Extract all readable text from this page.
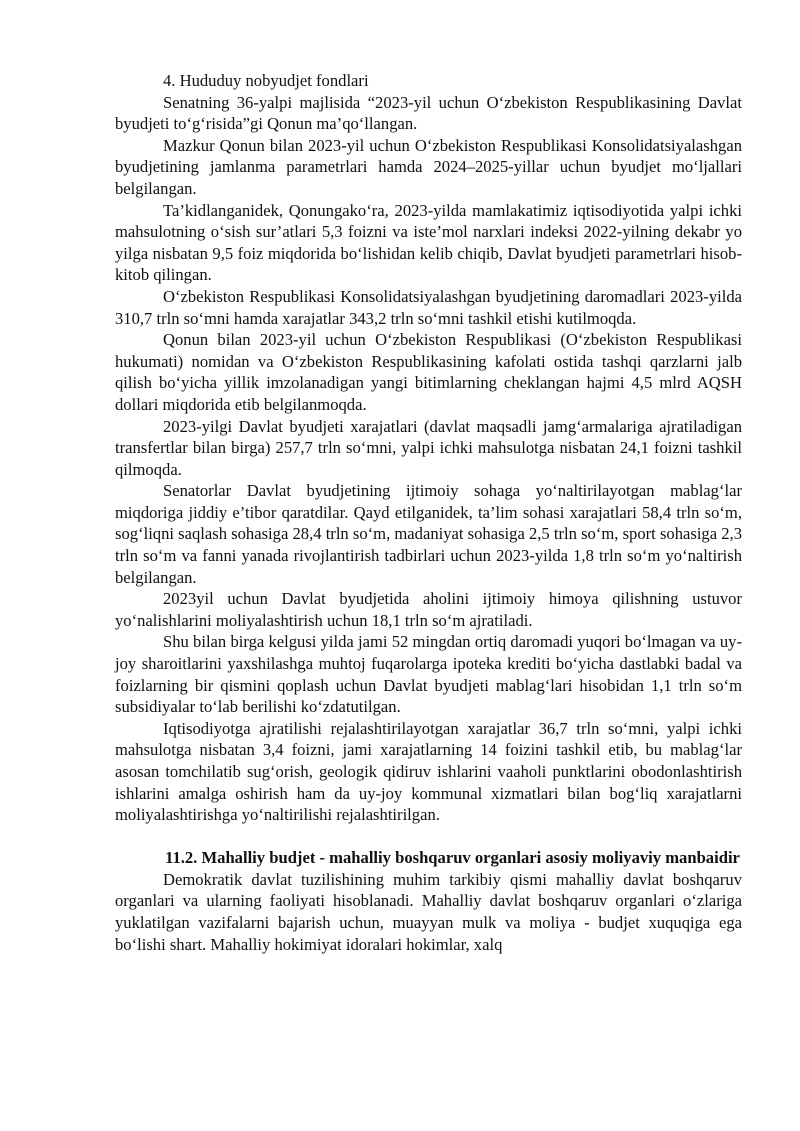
4. Hududuy nobyudjet fondlari

Senatning 36-yalpi majlisida “2023-yil uchun O‘zbekiston Respublikasining Davlat byudjeti to‘g‘risida”gi Qonun ma’qo‘llangan.

Mazkur Qonun bilan 2023-yil uchun O‘zbekiston Respublikasi Konsolidatsiyalashgan byudjetining jamlanma parametrlari hamda 2024–2025-yillar uchun byudjet mo‘ljallari belgilangan.

Ta’kidlanganidek, Qonungako‘ra, 2023-yilda mamlakatimiz iqtisodiyotida yalpi ichki mahsulotning o‘sish sur’atlari 5,3 foizni va iste’mol narxlari indeksi 2022-yilning dekabr yo yilga nisbatan 9,5 foiz miqdorida bo‘lishidan kelib chiqib, Davlat byudjeti parametrlari hisob-kitob qilingan.

O‘zbekiston Respublikasi Konsolidatsiyalashgan byudjetining daromadlari 2023-yilda 310,7 trln so‘mni hamda xarajatlar 343,2 trln so‘mni tashkil etishi kutilmoqda.

Qonun bilan 2023-yil uchun O‘zbekiston Respublikasi (O‘zbekiston Respublikasi hukumati) nomidan va O‘zbekiston Respublikasining kafolati ostida tashqi qarzlarni jalb qilish bo‘yicha yillik imzolanadigan yangi bitimlarning cheklangan hajmi 4,5 mlrd AQSH dollari miqdorida etib belgilanmoqda.

2023-yilgi Davlat byudjeti xarajatlari (davlat maqsadli jamg‘armalariga ajratiladigan transfertlar bilan birga) 257,7 trln so‘mni, yalpi ichki mahsulotga nisbatan 24,1 foizni tashkil qilmoqda.

Senatorlar Davlat byudjetining ijtimoiy sohaga yo‘naltirilayotgan mablag‘lar miqdoriga jiddiy e’tibor qaratdilar. Qayd etilganidek, ta’lim sohasi xarajatlari 58,4 trln so‘m, sog‘liqni saqlash sohasiga 28,4 trln so‘m, madaniyat sohasiga 2,5 trln so‘m, sport sohasiga 2,3 trln so‘m va fanni yanada rivojlantirish tadbirlari uchun 2023-yilda 1,8 trln so‘m yo‘naltirish belgilangan.

2023yil uchun Davlat byudjetida aholini ijtimoiy himoya qilishning ustuvor yo‘nalishlarini moliyalashtirish uchun 18,1 trln so‘m ajratiladi.

Shu bilan birga kelgusi yilda jami 52 mingdan ortiq daromadi yuqori bo‘lmagan va uy-joy sharoitlarini yaxshilashga muhtoj fuqarolarga ipoteka krediti bo‘yicha dastlabki badal va foizlarning bir qismini qoplash uchun Davlat byudjeti mablag‘lari hisobidan 1,1 trln so‘m subsidiyalar to‘lab berilishi ko‘zdatutilgan.

Iqtisodiyotga ajratilishi rejalashtirilayotgan xarajatlar 36,7 trln so‘mni, yalpi ichki mahsulotga nisbatan 3,4 foizni, jami xarajatlarning 14 foizini tashkil etib, bu mablag‘lar asosan tomchilatib sug‘orish, geologik qidiruv ishlarini vaaholi punktlarini obodonlashtirish ishlarini amalga oshirish ham da uy-joy kommunal xizmatlari bilan bog‘liq xarajatlarni moliyalashtirishga yo‘naltirilishi rejalashtirilgan.

11.2. Mahalliy budjet - mahalliy boshqaruv organlari asosiy moliyaviy manbaidir

Demokratik davlat tuzilishining muhim tarkibiy qismi mahalliy davlat boshqaruv organlari va ularning faoliyati hisoblanadi. Mahalliy davlat boshqaruv organlari o‘zlariga yuklatilgan vazifalarni bajarish uchun, muayyan mulk va moliya - budjet xuquqiga ega bo‘lishi shart. Mahalliy hokimiyat idoralari hokimlar, xalq
